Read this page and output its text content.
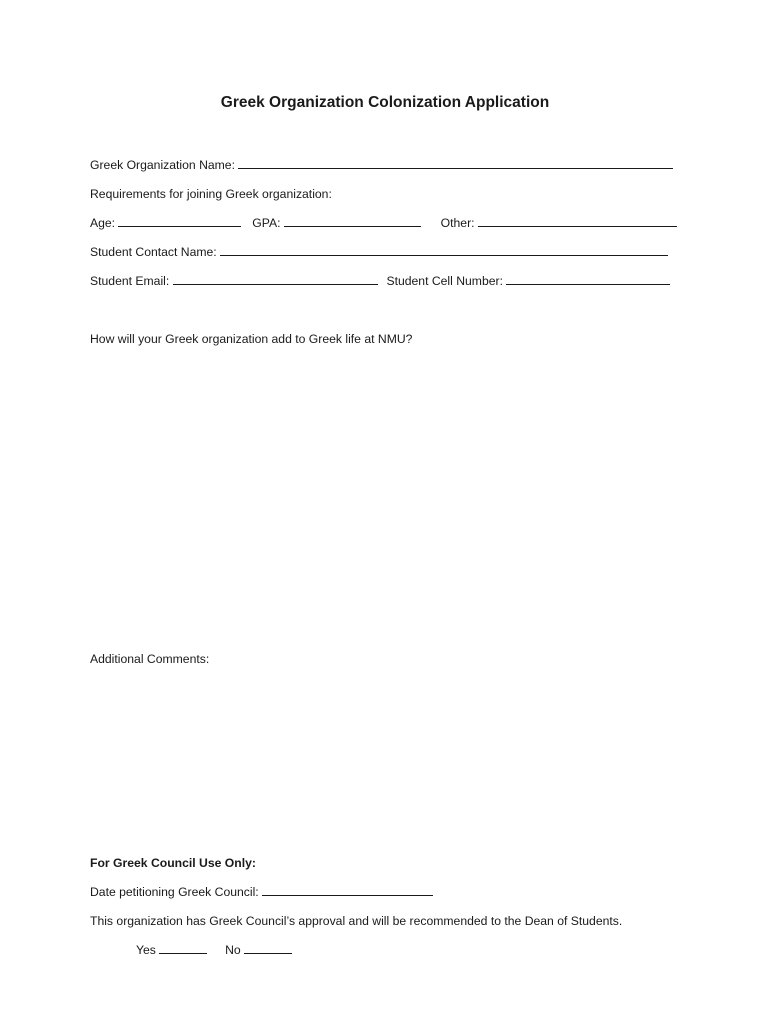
Greek Organization Colonization Application
Greek Organization Name:
Requirements for joining Greek organization:
Age:	GPA:	Other:
Student Contact Name:
Student Email:	Student Cell Number:
How will your Greek organization add to Greek life at NMU?
Additional Comments:
For Greek Council Use Only:
Date petitioning Greek Council:
This organization has Greek Council’s approval and will be recommended to the Dean of Students.
Yes	No
